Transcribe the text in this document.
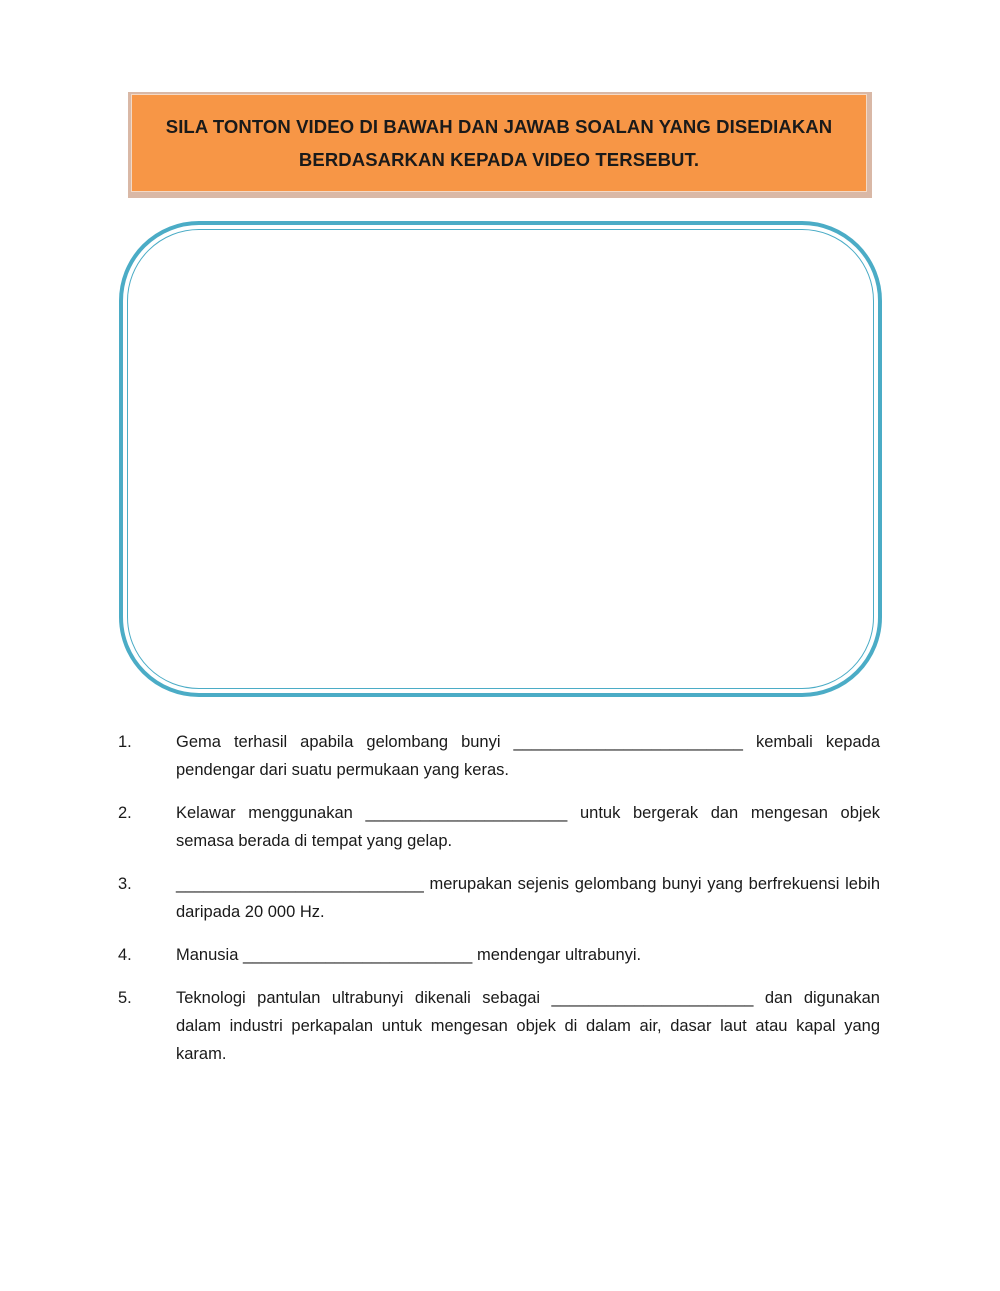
SILA TONTON VIDEO DI BAWAH DAN JAWAB SOALAN YANG DISEDIAKAN
BERDASARKAN KEPADA VIDEO TERSEBUT.
1.	Gema terhasil apabila gelombang bunyi _________________________ kembali kepada pendengar dari suatu permukaan yang keras.
2.	Kelawar menggunakan ______________________ untuk bergerak dan mengesan objek semasa berada di tempat yang gelap.
3.	___________________________ merupakan sejenis gelombang bunyi yang berfrekuensi lebih daripada 20 000 Hz.
4.	Manusia _________________________ mendengar ultrabunyi.
5.	Teknologi pantulan ultrabunyi dikenali sebagai ______________________ dan digunakan dalam industri perkapalan untuk mengesan objek di dalam air, dasar laut atau kapal yang karam.
